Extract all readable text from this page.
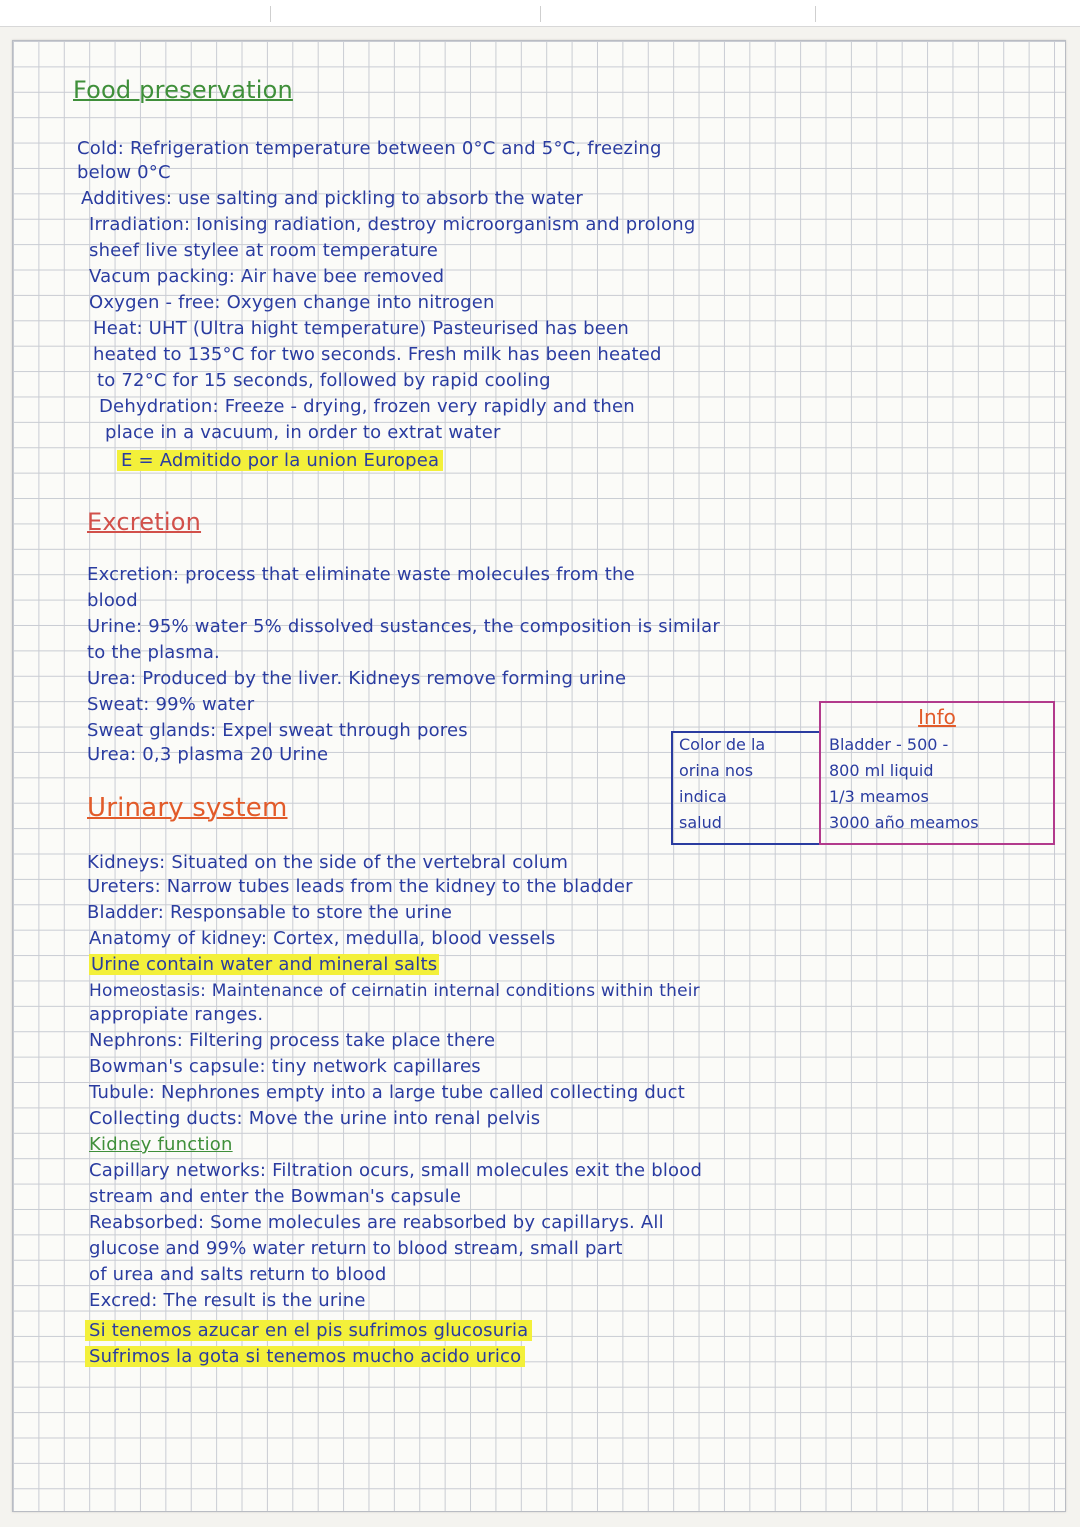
Food preservation
Cold: Refrigeration temperature between 0°C and 5°C, freezing
below 0°C
Additives: use salting and pickling to absorb the water
Irradiation: Ionising radiation, destroy microorganism and prolong
sheef live stylee at room temperature
Vacum packing: Air have bee removed
Oxygen - free: Oxygen change into nitrogen
Heat: UHT (Ultra hight temperature) Pasteurised has been
heated to 135°C for two seconds. Fresh milk has been heated
to 72°C for 15 seconds, followed by rapid cooling
Dehydration: Freeze - drying, frozen very rapidly and then
place in a vacuum, in order to extrat water
E = Admitido por la union Europea
Excretion
Excretion: process that eliminate waste molecules from the
blood
Urine: 95% water 5% dissolved sustances, the composition is similar
to the plasma.
Urea: Produced by the liver. Kidneys remove forming urine
Sweat: 99% water
Sweat glands: Expel sweat through pores
Urea: 0,3 plasma 20 Urine	Color de la
orina nos
indica
salud
Info
Bladder - 500 -
800 ml liquid
1/3 meamos
3000 año meamos
Urinary system
Kidneys: Situated on the side of the vertebral colum
Ureters: Narrow tubes leads from the kidney to the bladder
Bladder: Responsable to store the urine
Anatomy of kidney: Cortex, medulla, blood vessels
Urine contain water and mineral salts
Homeostasis: Maintenance of ceirnatin internal conditions within their
appropiate ranges.
Nephrons: Filtering process take place there
Bowman's capsule: tiny network capillares
Tubule: Nephrones empty into a large tube called collecting duct
Collecting ducts: Move the urine into renal pelvis
Kidney function
Capillary networks: Filtration ocurs, small molecules exit the blood
stream and enter the Bowman's capsule
Reabsorbed: Some molecules are reabsorbed by capillarys. All
glucose and 99% water return to blood stream, small part
of urea and salts return to blood
Excred: The result is the urine
Si tenemos azucar en el pis sufrimos glucosuria
Sufrimos la gota si tenemos mucho acido urico
